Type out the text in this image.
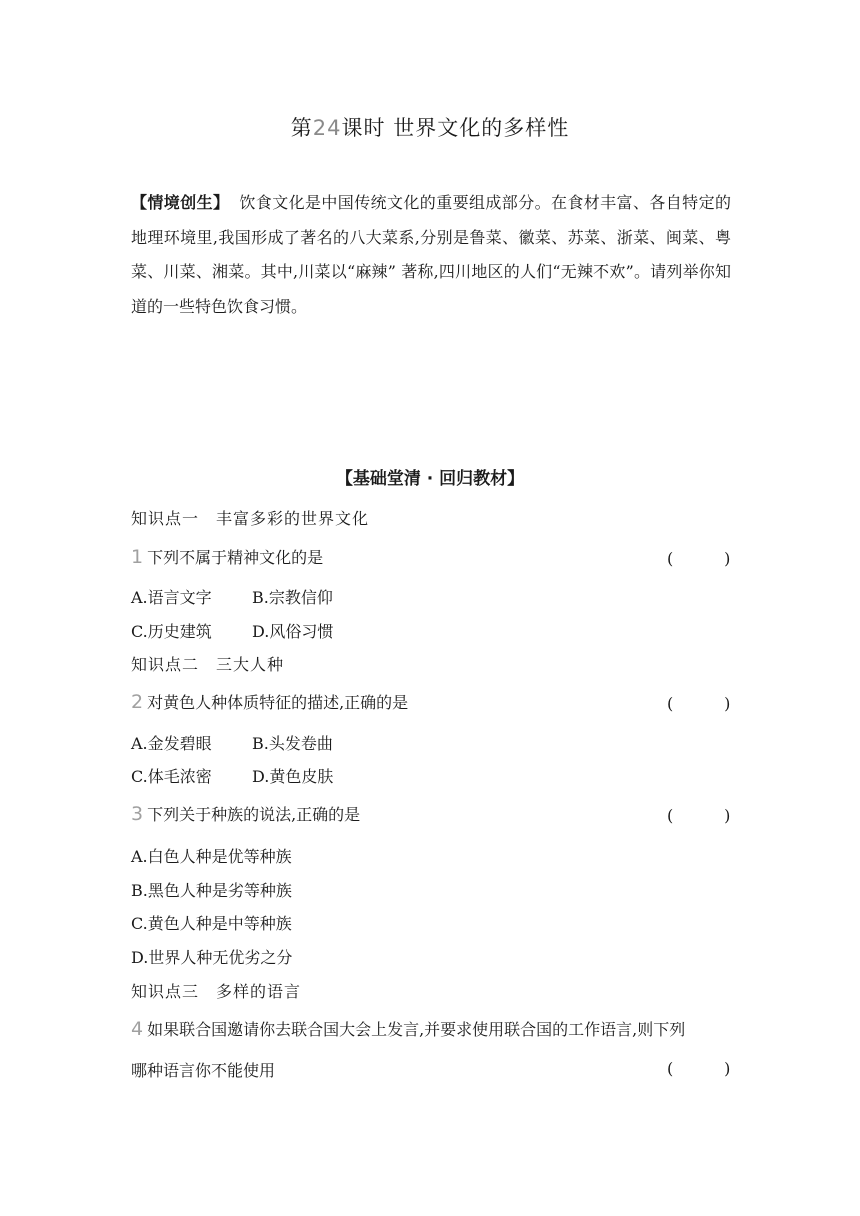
第24课时 世界文化的多样性
【情境创生】 饮食文化是中国传统文化的重要组成部分。在食材丰富、各自特定的地理环境里,我国形成了著名的八大菜系,分别是鲁菜、徽菜、苏菜、浙菜、闽菜、粤菜、川菜、湘菜。其中,川菜以“麻辣” 著称,四川地区的人们“无辣不欢”。请列举你知道的一些特色饮食习惯。
【基础堂清 · 回归教材】
知识点一　丰富多彩的世界文化
1 下列不属于精神文化的是	(          )
A.语言文字	B.宗教信仰
C.历史建筑	D.风俗习惯
知识点二　三大人种
2 对黄色人种体质特征的描述,正确的是	(          )
A.金发碧眼	B.头发卷曲
C.体毛浓密	D.黄色皮肤
3 下列关于种族的说法,正确的是	(          )
A.白色人种是优等种族
B.黑色人种是劣等种族
C.黄色人种是中等种族
D.世界人种无优劣之分
知识点三　多样的语言
4 如果联合国邀请你去联合国大会上发言,并要求使用联合国的工作语言,则下列
哪种语言你不能使用	(          )
